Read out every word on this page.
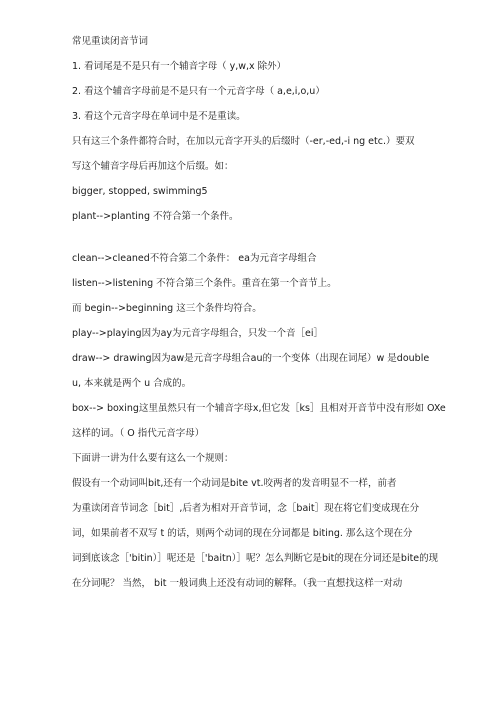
常见重读闭音节词
1. 看词尾是不是只有一个辅音字母（ y,w,x 除外）
2. 看这个辅音字母前是不是只有一个元音字母（ a,e,i,o,u）
3. 看这个元音字母在单词中是不是重读。
只有这三个条件都符合时，在加以元音字开头的后缀时（-er,-ed,-i ng etc.）要双
写这个辅音字母后再加这个后缀。如：
bigger, stopped, swimming5
plant-->planting 不符合第一个条件。
clean-->cleaned不符合第二个条件： ea为元音字母组合
listen-->listening 不符合第三个条件。重音在第一个音节上。
而 begin-->beginning 这三个条件均符合。
play-->playing因为ay为元音字母组合，只发一个音［ei］
draw--> drawing因为aw是元音字母组合au的一个变体（出现在词尾）w 是double
u, 本来就是两个 u 合成的。
box--> boxing这里虽然只有一个辅音字母x,但它发［ks］且相对开音节中没有形如 OXe
这样的词。（ O 指代元音字母）
下面讲一讲为什么要有这么一个规则：
假设有一个动词叫bit,还有一个动词是bite vt.咬两者的发音明显不一样，前者
为重读闭音节词念［bit］,后者为相对开音节词，念［bait］现在将它们变成现在分
词，如果前者不双写 t 的话，则两个动词的现在分词都是 biting. 那么这个现在分
词到底该念［'bitin）］呢还是［'baitn）］呢？怎么判断它是bit的现在分词还是bite的现
在分词呢？ 当然， bit 一般词典上还没有动词的解释。（我一直想找这样一对动
